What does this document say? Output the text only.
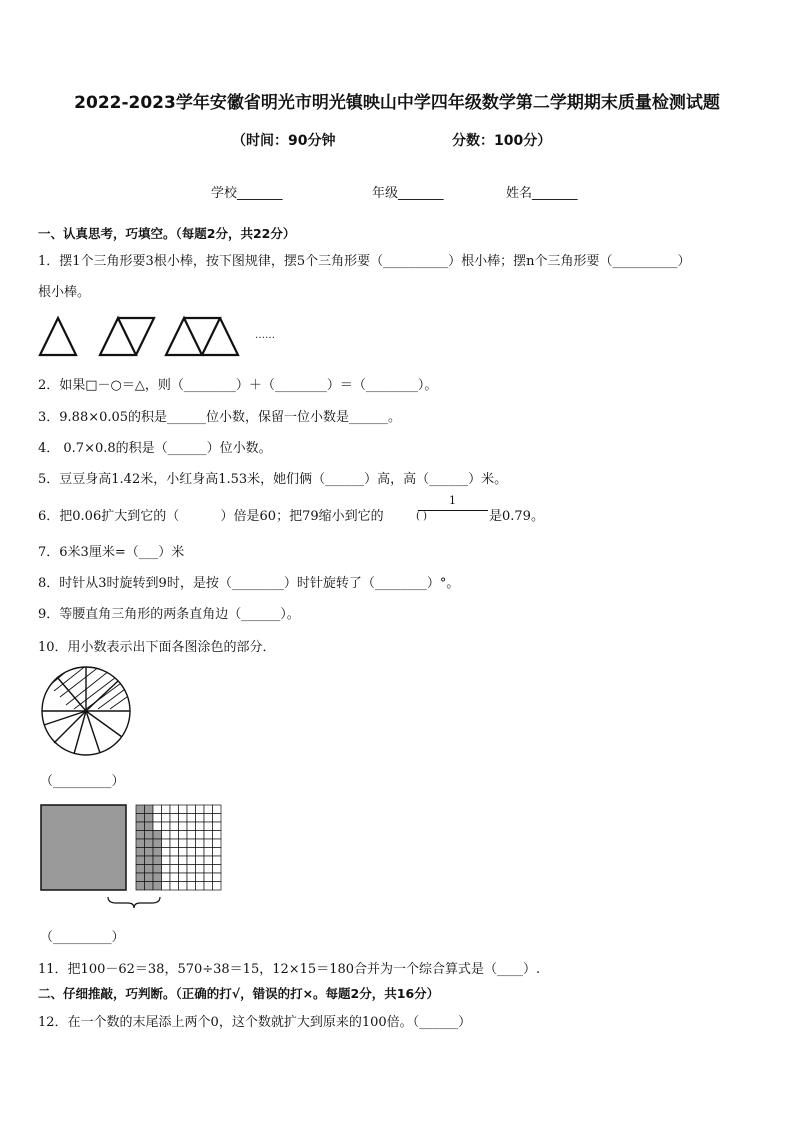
2022-2023学年安徽省明光市明光镇映山中学四年级数学第二学期期末质量检测试题
（时间：90分钟	分数：100分）
学校_______	年级_______	姓名_______
一、认真思考，巧填空。（每题2分，共22分）
1．摆1个三角形要3根小棒，按下图规律，摆5个三角形要（__________）根小棒；摆n个三角形要（__________）
根小棒。
……
2．如果□－○＝△，则（________）＋（________）＝（________）。
3．9.88×0.05的积是______位小数，保留一位小数是______。
4． 0.7×0.8的积是（______）位小数。
5．豆豆身高1.42米，小红身高1.53米，她们俩（______）高，高（______）米。
6．把0.06扩大到它的（          ）倍是60；把79缩小到它的
1
( )	是0.79。
7．6米3厘米=（___）米
8．时针从3时旋转到9时，是按（________）时针旋转了（________）°。
9．等腰直角三角形的两条直角边（______）。
10．用小数表示出下面各图涂色的部分．
（_________）
（_________）
11．把100－62＝38，570÷38＝15，12×15＝180合并为一个综合算式是（____）.
二、仔细推敲，巧判断。（正确的打√，错误的打×。每题2分，共16分）
12．在一个数的末尾添上两个0，这个数就扩大到原来的100倍。（______）
